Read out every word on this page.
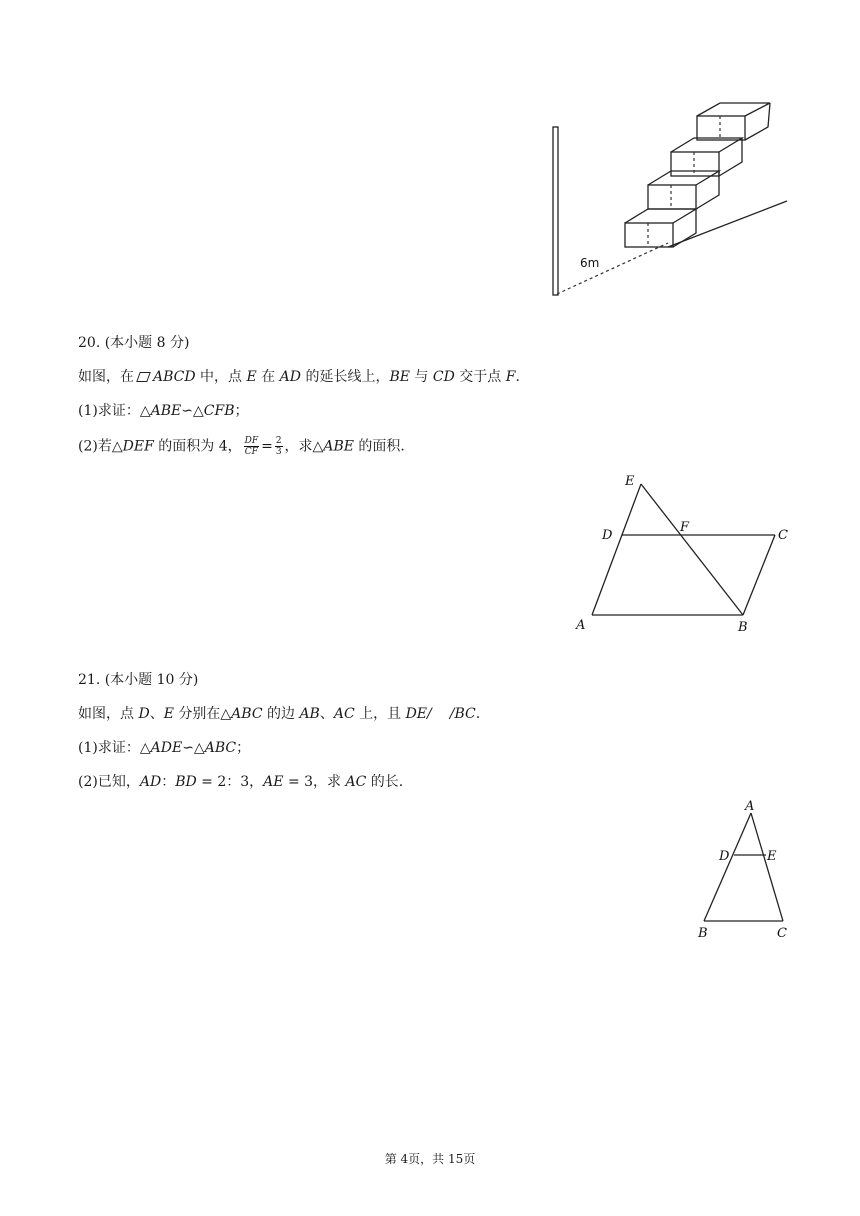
6m
20. (本小题 8 分)
如图，在 ABCD 中，点 E 在 AD 的延长线上，BE 与 CD 交于点 F.
(1)求证：△ABE∽△CFB；
(2)若△DEF 的面积为 4， $\frac{DF}{CF} = \frac{2}{3}$ ，求△ABE 的面积.
E
D
F
C
A	B
21. (本小题 10 分)
如图，点 D、E 分别在△ABC 的边 AB、AC 上，且 DE/ /BC.
(1)求证：△ADE∽△ABC；
(2)已知，AD：BD = 2：3，AE = 3，求 AC 的长.
A
D	E
B	C
第 4页，共 15页
